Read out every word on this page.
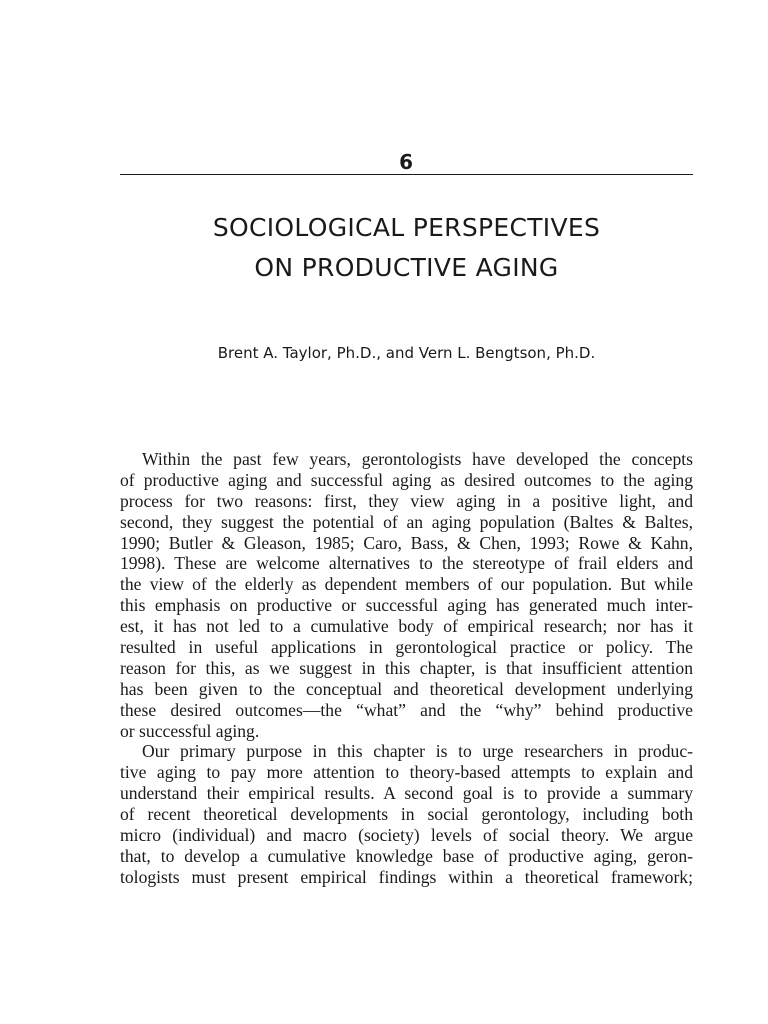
6
SOCIOLOGICAL PERSPECTIVES
ON PRODUCTIVE AGING
Brent A. Taylor, Ph.D., and Vern L. Bengtson, Ph.D.
Within the past few years, gerontologists have developed the concepts
of productive aging and successful aging as desired outcomes to the aging
process for two reasons: first, they view aging in a positive light, and
second, they suggest the potential of an aging population (Baltes & Baltes,
1990; Butler & Gleason, 1985; Caro, Bass, & Chen, 1993; Rowe & Kahn,
1998). These are welcome alternatives to the stereotype of frail elders and
the view of the elderly as dependent members of our population. But while
this emphasis on productive or successful aging has generated much inter-
est, it has not led to a cumulative body of empirical research; nor has it
resulted in useful applications in gerontological practice or policy. The
reason for this, as we suggest in this chapter, is that insufficient attention
has been given to the conceptual and theoretical development underlying
these desired outcomes—the “what” and the “why” behind productive
or successful aging.
Our primary purpose in this chapter is to urge researchers in produc-
tive aging to pay more attention to theory-based attempts to explain and
understand their empirical results. A second goal is to provide a summary
of recent theoretical developments in social gerontology, including both
micro (individual) and macro (society) levels of social theory. We argue
that, to develop a cumulative knowledge base of productive aging, geron-
tologists must present empirical findings within a theoretical framework;
